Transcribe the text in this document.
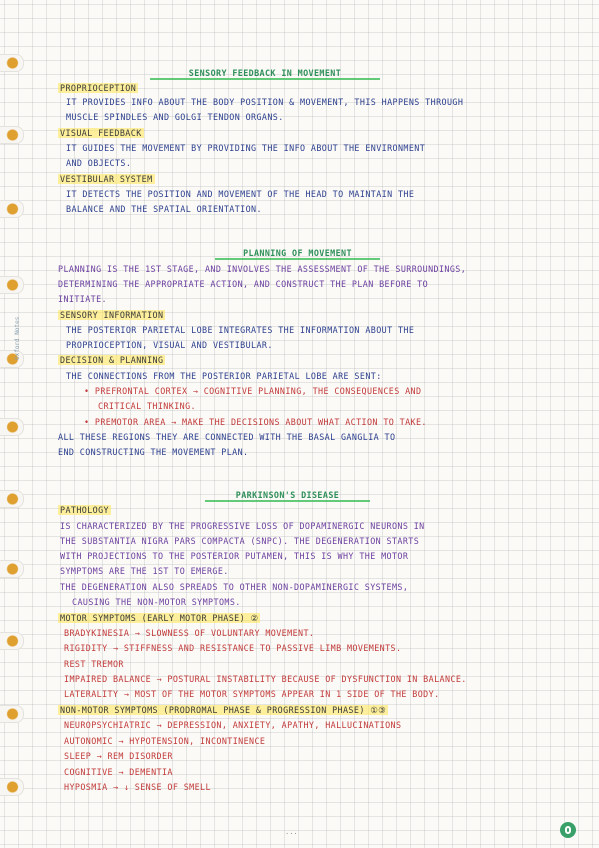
Oxford Notes
SENSORY FEEDBACK IN MOVEMENT
PROPRIOCEPTION
IT PROVIDES INFO ABOUT THE BODY POSITION & MOVEMENT, THIS HAPPENS THROUGH
MUSCLE SPINDLES AND GOLGI TENDON ORGANS.
VISUAL FEEDBACK
IT GUIDES THE MOVEMENT BY PROVIDING THE INFO ABOUT THE ENVIRONMENT
AND OBJECTS.
VESTIBULAR SYSTEM
IT DETECTS THE POSITION AND MOVEMENT OF THE HEAD TO MAINTAIN THE
BALANCE AND THE SPATIAL ORIENTATION.
PLANNING OF MOVEMENT
PLANNING IS THE 1ST STAGE, AND INVOLVES THE ASSESSMENT OF THE SURROUNDINGS,
DETERMINING THE APPROPRIATE ACTION, AND CONSTRUCT THE PLAN BEFORE TO
INITIATE.
SENSORY INFORMATION
THE POSTERIOR PARIETAL LOBE INTEGRATES THE INFORMATION ABOUT THE
PROPRIOCEPTION, VISUAL AND VESTIBULAR.
DECISION & PLANNING
THE CONNECTIONS FROM THE POSTERIOR PARIETAL LOBE ARE SENT:
• PREFRONTAL CORTEX → COGNITIVE PLANNING, THE CONSEQUENCES AND
CRITICAL THINKING.
• PREMOTOR AREA → MAKE THE DECISIONS ABOUT WHAT ACTION TO TAKE.
ALL THESE REGIONS THEY ARE CONNECTED WITH THE BASAL GANGLIA TO
END CONSTRUCTING THE MOVEMENT PLAN.
PARKINSON'S DISEASE
PATHOLOGY
IS CHARACTERIZED BY THE PROGRESSIVE LOSS OF DOPAMINERGIC NEURONS IN
THE SUBSTANTIA NIGRA PARS COMPACTA (SNPC). THE DEGENERATION STARTS
WITH PROJECTIONS TO THE POSTERIOR PUTAMEN, THIS IS WHY THE MOTOR
SYMPTOMS ARE THE 1ST TO EMERGE.
THE DEGENERATION ALSO SPREADS TO OTHER NON-DOPAMINERGIC SYSTEMS,
CAUSING THE NON-MOTOR SYMPTOMS.
MOTOR SYMPTOMS (EARLY MOTOR PHASE) ②
BRADYKINESIA → SLOWNESS OF VOLUNTARY MOVEMENT.
RIGIDITY → STIFFNESS AND RESISTANCE TO PASSIVE LIMB MOVEMENTS.
REST TREMOR
IMPAIRED BALANCE → POSTURAL INSTABILITY BECAUSE OF DYSFUNCTION IN BALANCE.
LATERALITY → MOST OF THE MOTOR SYMPTOMS APPEAR IN 1 SIDE OF THE BODY.
NON-MOTOR SYMPTOMS (PRODROMAL PHASE & PROGRESSION PHASE) ①③
NEUROPSYCHIATRIC → DEPRESSION, ANXIETY, APATHY, HALLUCINATIONS
AUTONOMIC → HYPOTENSION, INCONTINENCE
SLEEP → REM DISORDER
COGNITIVE → DEMENTIA
HYPOSMIA → ↓ SENSE OF SMELL
...
